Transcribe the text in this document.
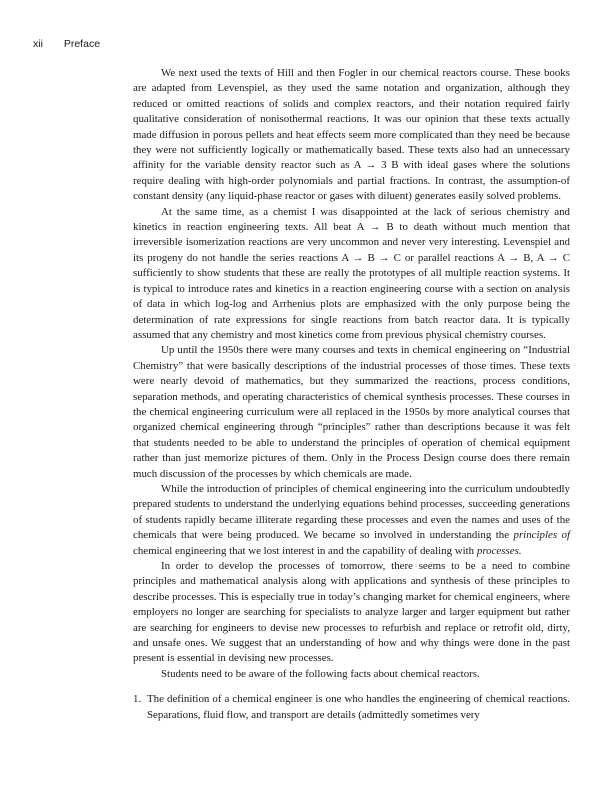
xii Preface

We next used the texts of Hill and then Fogler in our chemical reactors course. These books are adapted from Levenspiel, as they used the same notation and organization, although they reduced or omitted reactions of solids and complex reactors, and their notation required fairly qualitative consideration of nonisothermal reactions. It was our opinion that these texts actually made diffusion in porous pellets and heat effects seem more complicated than they need be because they were not sufficiently logically or mathematically based. These texts also had an unnecessary affinity for the variable density reactor such as A → 3 B with ideal gases where the solutions require dealing with high-order polynomials and partial fractions. In contrast, the assumption-of constant density (any liquid-phase reactor or gases with diluent) generates easily solved problems.

At the same time, as a chemist I was disappointed at the lack of serious chemistry and kinetics in reaction engineering texts. All beat A → B to death without much mention that irreversible isomerization reactions are very uncommon and never very interesting. Levenspiel and its progeny do not handle the series reactions A → B → C or parallel reactions A → B, A → C sufficiently to show students that these are really the prototypes of all multiple reaction systems. It is typical to introduce rates and kinetics in a reaction engineering course with a section on analysis of data in which log-log and Arrhenius plots are emphasized with the only purpose being the determination of rate expressions for single reactions from batch reactor data. It is typically assumed that any chemistry and most kinetics come from previous physical chemistry courses.

Up until the 1950s there were many courses and texts in chemical engineering on “Industrial Chemistry” that were basically descriptions of the industrial processes of those times. These texts were nearly devoid of mathematics, but they summarized the reactions, process conditions, separation methods, and operating characteristics of chemical synthesis processes. These courses in the chemical engineering curriculum were all replaced in the 1950s by more analytical courses that organized chemical engineering through “principles” rather than descriptions because it was felt that students needed to be able to understand the principles of operation of chemical equipment rather than just memorize pictures of them. Only in the Process Design course does there remain much discussion of the processes by which chemicals are made.

While the introduction of principles of chemical engineering into the curriculum undoubtedly prepared students to understand the underlying equations behind processes, succeeding generations of students rapidly became illiterate regarding these processes and even the names and uses of the chemicals that were being produced. We became so involved in understanding the principles of chemical engineering that we lost interest in and the capability of dealing with processes.

In order to develop the processes of tomorrow, there seems to be a need to combine principles and mathematical analysis along with applications and synthesis of these principles to describe processes. This is especially true in today’s changing market for chemical engineers, where employers no longer are searching for specialists to analyze larger and larger equipment but rather are searching for engineers to devise new processes to refurbish and replace or retrofit old, dirty, and unsafe ones. We suggest that an understanding of how and why things were done in the past present is essential in devising new processes.

Students need to be aware of the following facts about chemical reactors.

1. The definition of a chemical engineer is one who handles the engineering of chemical reactions. Separations, fluid flow, and transport are details (admittedly sometimes very
